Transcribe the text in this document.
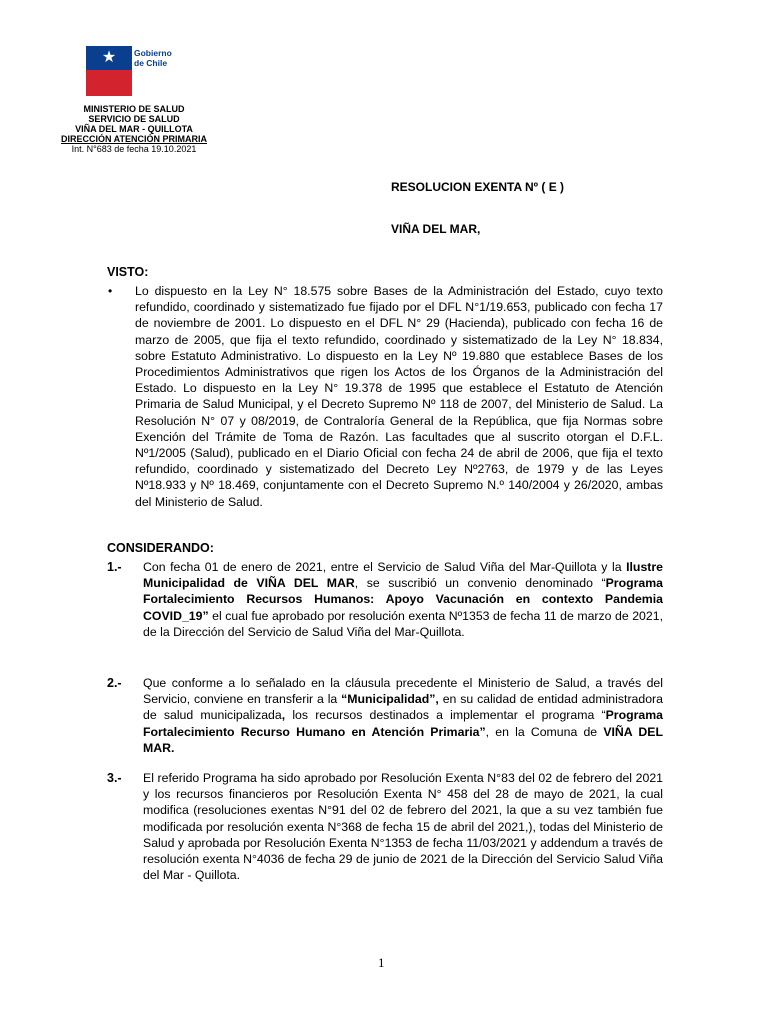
★ Gobierno de Chile
MINISTERIO DE SALUD
SERVICIO DE SALUD
VIÑA DEL MAR - QUILLOTA
DIRECCIÓN ATENCIÓN PRIMARIA
Int. N°683 de fecha 19.10.2021
RESOLUCION EXENTA Nº ( E )
VIÑA DEL MAR,
VISTO:
• Lo dispuesto en la Ley N° 18.575 sobre Bases de la Administración del Estado, cuyo texto refundido, coordinado y sistematizado fue fijado por el DFL N°1/19.653, publicado con fecha 17 de noviembre de 2001. Lo dispuesto en el DFL N° 29 (Hacienda), publicado con fecha 16 de marzo de 2005, que fija el texto refundido, coordinado y sistematizado de la Ley N° 18.834, sobre Estatuto Administrativo. Lo dispuesto en la Ley Nº 19.880 que establece Bases de los Procedimientos Administrativos que rigen los Actos de los Órganos de la Administración del Estado. Lo dispuesto en la Ley N° 19.378 de 1995 que establece el Estatuto de Atención Primaria de Salud Municipal, y el Decreto Supremo Nº 118 de 2007, del Ministerio de Salud. La Resolución N° 07 y 08/2019, de Contraloría General de la República, que fija Normas sobre Exención del Trámite de Toma de Razón. Las facultades que al suscrito otorgan el D.F.L. Nº1/2005 (Salud), publicado en el Diario Oficial con fecha 24 de abril de 2006, que fija el texto refundido, coordinado y sistematizado del Decreto Ley Nº2763, de 1979 y de las Leyes Nº18.933 y Nº 18.469, conjuntamente con el Decreto Supremo N.º 140/2004 y 26/2020, ambas del Ministerio de Salud.
CONSIDERANDO:
1.- Con fecha 01 de enero de 2021, entre el Servicio de Salud Viña del Mar-Quillota y la Ilustre Municipalidad de VIÑA DEL MAR, se suscribió un convenio denominado “Programa Fortalecimiento Recursos Humanos: Apoyo Vacunación en contexto Pandemia COVID_19” el cual fue aprobado por resolución exenta Nº1353 de fecha 11 de marzo de 2021, de la Dirección del Servicio de Salud Viña del Mar-Quillota.
2.- Que conforme a lo señalado en la cláusula precedente el Ministerio de Salud, a través del Servicio, conviene en transferir a la “Municipalidad”, en su calidad de entidad administradora de salud municipalizada, los recursos destinados a implementar el programa “Programa Fortalecimiento Recurso Humano en Atención Primaria”, en la Comuna de VIÑA DEL MAR.
3.- El referido Programa ha sido aprobado por Resolución Exenta N°83 del 02 de febrero del 2021 y los recursos financieros por Resolución Exenta N° 458 del 28 de mayo de 2021, la cual modifica (resoluciones exentas N°91 del 02 de febrero del 2021, la que a su vez también fue modificada por resolución exenta N°368 de fecha 15 de abril del 2021,), todas del Ministerio de Salud y aprobada por Resolución Exenta N°1353 de fecha 11/03/2021 y addendum a través de resolución exenta N°4036 de fecha 29 de junio de 2021 de la Dirección del Servicio Salud Viña del Mar - Quillota.
1
